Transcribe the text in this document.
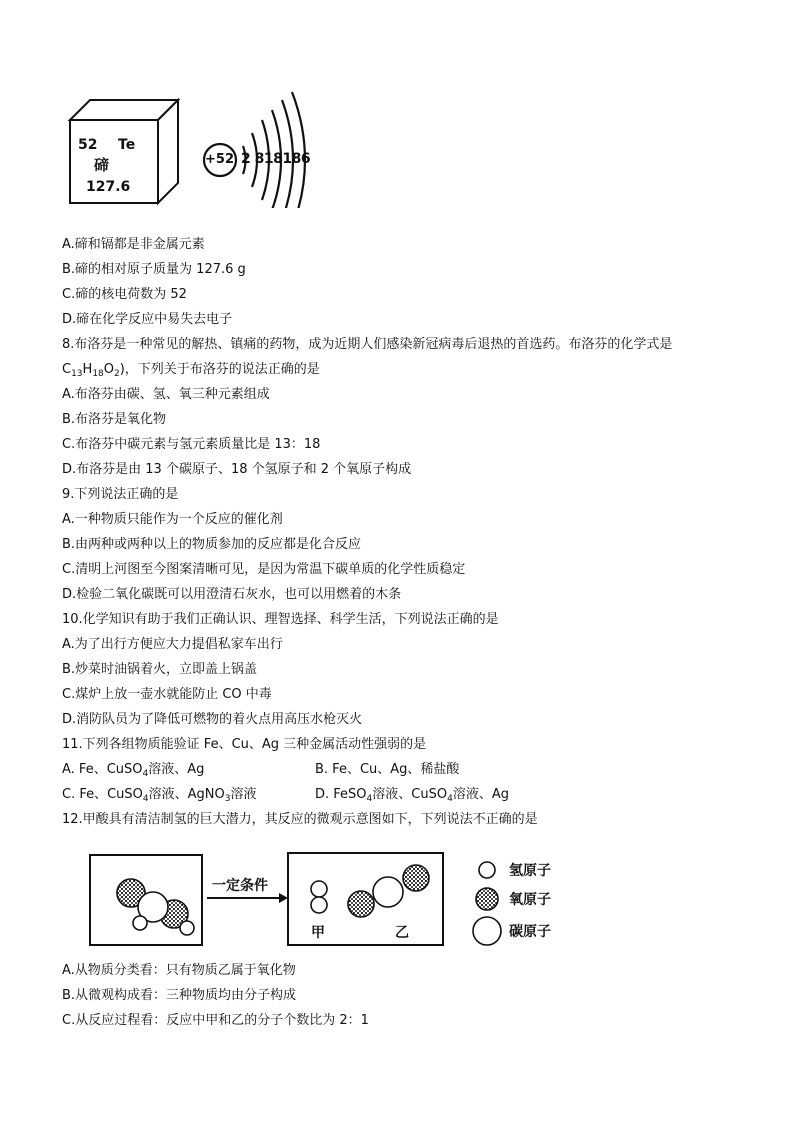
52 Te
碲
127.6
+52 2 818186
A.碲和镉都是非金属元素
B.碲的相对原子质量为 127.6 g
C.碲的核电荷数为 52
D.碲在化学反应中易失去电子
8.布洛芬是一种常见的解热、镇痛的药物，成为近期人们感染新冠病毒后退热的首选药。布洛芬的化学式是
$C_{13}H_{18}O_2$)，下列关于布洛芬的说法正确的是
A.布洛芬由碳、氢、氧三种元素组成
B.布洛芬是氧化物
C.布洛芬中碳元素与氢元素质量比是 13：18
D.布洛芬是由 13 个碳原子、18 个氢原子和 2 个氧原子构成
9.下列说法正确的是
A.一种物质只能作为一个反应的催化剂
B.由两种或两种以上的物质参加的反应都是化合反应
C.清明上河图至今图案清晰可见，是因为常温下碳单质的化学性质稳定
D.检验二氧化碳既可以用澄清石灰水，也可以用燃着的木条
10.化学知识有助于我们正确认识、理智选择、科学生活，下列说法正确的是
A.为了出行方便应大力提倡私家车出行
B.炒菜时油锅着火，立即盖上锅盖
C.煤炉上放一壶水就能防止 CO 中毒
D.消防队员为了降低可燃物的着火点用高压水枪灭火
11.下列各组物质能验证 Fe、Cu、Ag 三种金属活动性强弱的是
A. Fe、CuSO$_4$溶液、Ag	B. Fe、Cu、Ag、稀盐酸
C. Fe、CuSO$_4$溶液、AgNO$_3$溶液	D. FeSO$_4$溶液、CuSO$_4$溶液、Ag
12.甲酸具有清洁制氢的巨大潜力，其反应的微观示意图如下，下列说法不正确的是
一定条件
甲	乙
氢原子
氧原子
碳原子
A.从物质分类看：只有物质乙属于氧化物
B.从微观构成看：三种物质均由分子构成
C.从反应过程看：反应中甲和乙的分子个数比为 2：1
